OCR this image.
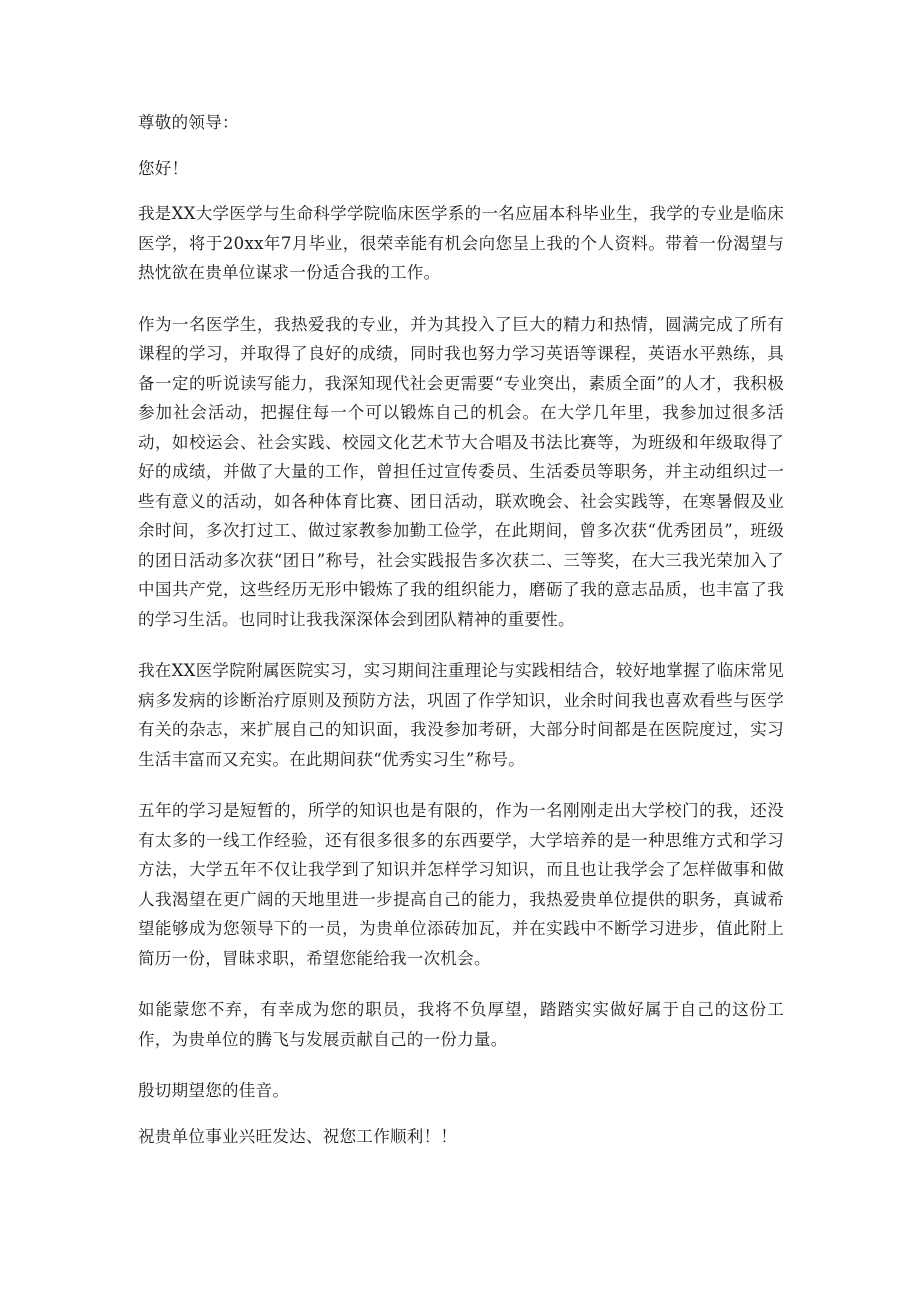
尊敬的领导：

您好！

我是XX大学医学与生命科学学院临床医学系的一名应届本科毕业生，我学的专业是临床医学，将于20xx年7月毕业，很荣幸能有机会向您呈上我的个人资料。带着一份渴望与热忱欲在贵单位谋求一份适合我的工作。

作为一名医学生，我热爱我的专业，并为其投入了巨大的精力和热情，圆满完成了所有课程的学习，并取得了良好的成绩，同时我也努力学习英语等课程，英语水平熟练，具备一定的听说读写能力，我深知现代社会更需要“专业突出，素质全面”的人才，我积极参加社会活动，把握住每一个可以锻炼自己的机会。在大学几年里，我参加过很多活动，如校运会、社会实践、校园文化艺术节大合唱及书法比赛等，为班级和年级取得了好的成绩，并做了大量的工作，曾担任过宣传委员、生活委员等职务，并主动组织过一些有意义的活动，如各种体育比赛、团日活动，联欢晚会、社会实践等，在寒暑假及业余时间，多次打过工、做过家教参加勤工俭学，在此期间，曾多次获“优秀团员”，班级的团日活动多次获“团日”称号，社会实践报告多次获二、三等奖，在大三我光荣加入了中国共产党，这些经历无形中锻炼了我的组织能力，磨砺了我的意志品质，也丰富了我的学习生活。也同时让我我深深体会到团队精神的重要性。

我在XX医学院附属医院实习，实习期间注重理论与实践相结合，较好地掌握了临床常见病多发病的诊断治疗原则及预防方法，巩固了作学知识，业余时间我也喜欢看些与医学有关的杂志，来扩展自己的知识面，我没参加考研，大部分时间都是在医院度过，实习生活丰富而又充实。在此期间获“优秀实习生”称号。

五年的学习是短暂的，所学的知识也是有限的，作为一名刚刚走出大学校门的我，还没有太多的一线工作经验，还有很多很多的东西要学，大学培养的是一种思维方式和学习方法，大学五年不仅让我学到了知识并怎样学习知识，而且也让我学会了怎样做事和做人我渴望在更广阔的天地里进一步提高自己的能力，我热爱贵单位提供的职务，真诚希望能够成为您领导下的一员，为贵单位添砖加瓦，并在实践中不断学习进步，值此附上简历一份，冒昧求职，希望您能给我一次机会。

如能蒙您不弃，有幸成为您的职员，我将不负厚望，踏踏实实做好属于自己的这份工作，为贵单位的腾飞与发展贡献自己的一份力量。

殷切期望您的佳音。

祝贵单位事业兴旺发达、祝您工作顺利！！
